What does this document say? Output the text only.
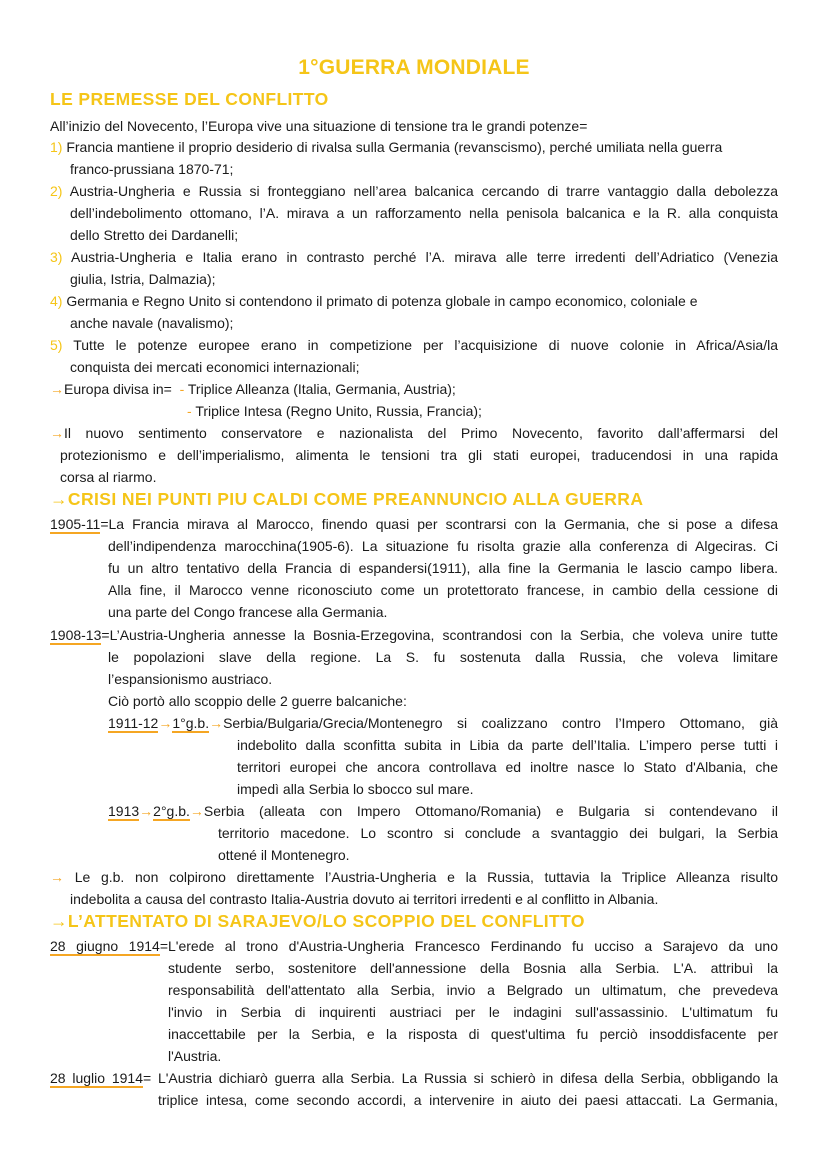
1°GUERRA MONDIALE
LE PREMESSE DEL CONFLITTO
All’inizio del Novecento, l’Europa vive una situazione di tensione tra le grandi potenze=
1) Francia mantiene il proprio desiderio di rivalsa sulla Germania (revanscismo), perché umiliata nella guerra
franco-prussiana 1870-71;
2) Austria-Ungheria e Russia si fronteggiano nell’area balcanica cercando di trarre vantaggio dalla debolezza
dell’indebolimento ottomano, l’A. mirava a un rafforzamento nella penisola balcanica e la R. alla conquista
dello Stretto dei Dardanelli;
3) Austria-Ungheria e Italia erano in contrasto perché l’A. mirava alle terre irredenti dell’Adriatico (Venezia
giulia, Istria, Dalmazia);
4) Germania e Regno Unito si contendono il primato di potenza globale in campo economico, coloniale e
anche navale (navalismo);
5) Tutte le potenze europee erano in competizione per l’acquisizione di nuove colonie in Africa/Asia/la
conquista dei mercati economici internazionali;
→Europa divisa in= - Triplice Alleanza (Italia, Germania, Austria);
- Triplice Intesa (Regno Unito, Russia, Francia);
→Il nuovo sentimento conservatore e nazionalista del Primo Novecento, favorito dall’affermarsi del
protezionismo e dell’imperialismo, alimenta le tensioni tra gli stati europei, traducendosi in una rapida
corsa al riarmo.
→CRISI NEI PUNTI PIU CALDI COME PREANNUNCIO ALLA GUERRA
1905-11=La Francia mirava al Marocco, finendo quasi per scontrarsi con la Germania, che si pose a difesa
dell’indipendenza marocchina(1905-6). La situazione fu risolta grazie alla conferenza di Algeciras. Ci
fu un altro tentativo della Francia di espandersi(1911), alla fine la Germania le lascio campo libera.
Alla fine, il Marocco venne riconosciuto come un protettorato francese, in cambio della cessione di
una parte del Congo francese alla Germania.
1908-13=L’Austria-Ungheria annesse la Bosnia-Erzegovina, scontrandosi con la Serbia, che voleva unire tutte
le popolazioni slave della regione. La S. fu sostenuta dalla Russia, che voleva limitare
l’espansionismo austriaco.
Ciò portò allo scoppio delle 2 guerre balcaniche:
1911-12→1°g.b.→Serbia/Bulgaria/Grecia/Montenegro si coalizzano contro l’Impero Ottomano, già
indebolito dalla sconfitta subita in Libia da parte dell’Italia. L’impero perse tutti i
territori europei che ancora controllava ed inoltre nasce lo Stato d'Albania, che
impedì alla Serbia lo sbocco sul mare.
1913→2°g.b.→Serbia (alleata con Impero Ottomano/Romania) e Bulgaria si contendevano il
territorio macedone. Lo scontro si conclude a svantaggio dei bulgari, la Serbia
ottené il Montenegro.
→ Le g.b. non colpirono direttamente l’Austria-Ungheria e la Russia, tuttavia la Triplice Alleanza risulto
indebolita a causa del contrasto Italia-Austria dovuto ai territori irredenti e al conflitto in Albania.
→L’ATTENTATO DI SARAJEVO/LO SCOPPIO DEL CONFLITTO
28 giugno 1914=L'erede al trono d'Austria-Ungheria Francesco Ferdinando fu ucciso a Sarajevo da uno
studente serbo, sostenitore dell'annessione della Bosnia alla Serbia. L'A. attribuì la
responsabilità dell'attentato alla Serbia, invio a Belgrado un ultimatum, che prevedeva
l'invio in Serbia di inquirenti austriaci per le indagini sull'assassinio. L'ultimatum fu
inaccettabile per la Serbia, e la risposta di quest'ultima fu perciò insoddisfacente per
l'Austria.
28 luglio 1914= L'Austria dichiarò guerra alla Serbia. La Russia si schierò in difesa della Serbia, obbligando la
triplice intesa, come secondo accordi, a intervenire in aiuto dei paesi attaccati. La Germania,
